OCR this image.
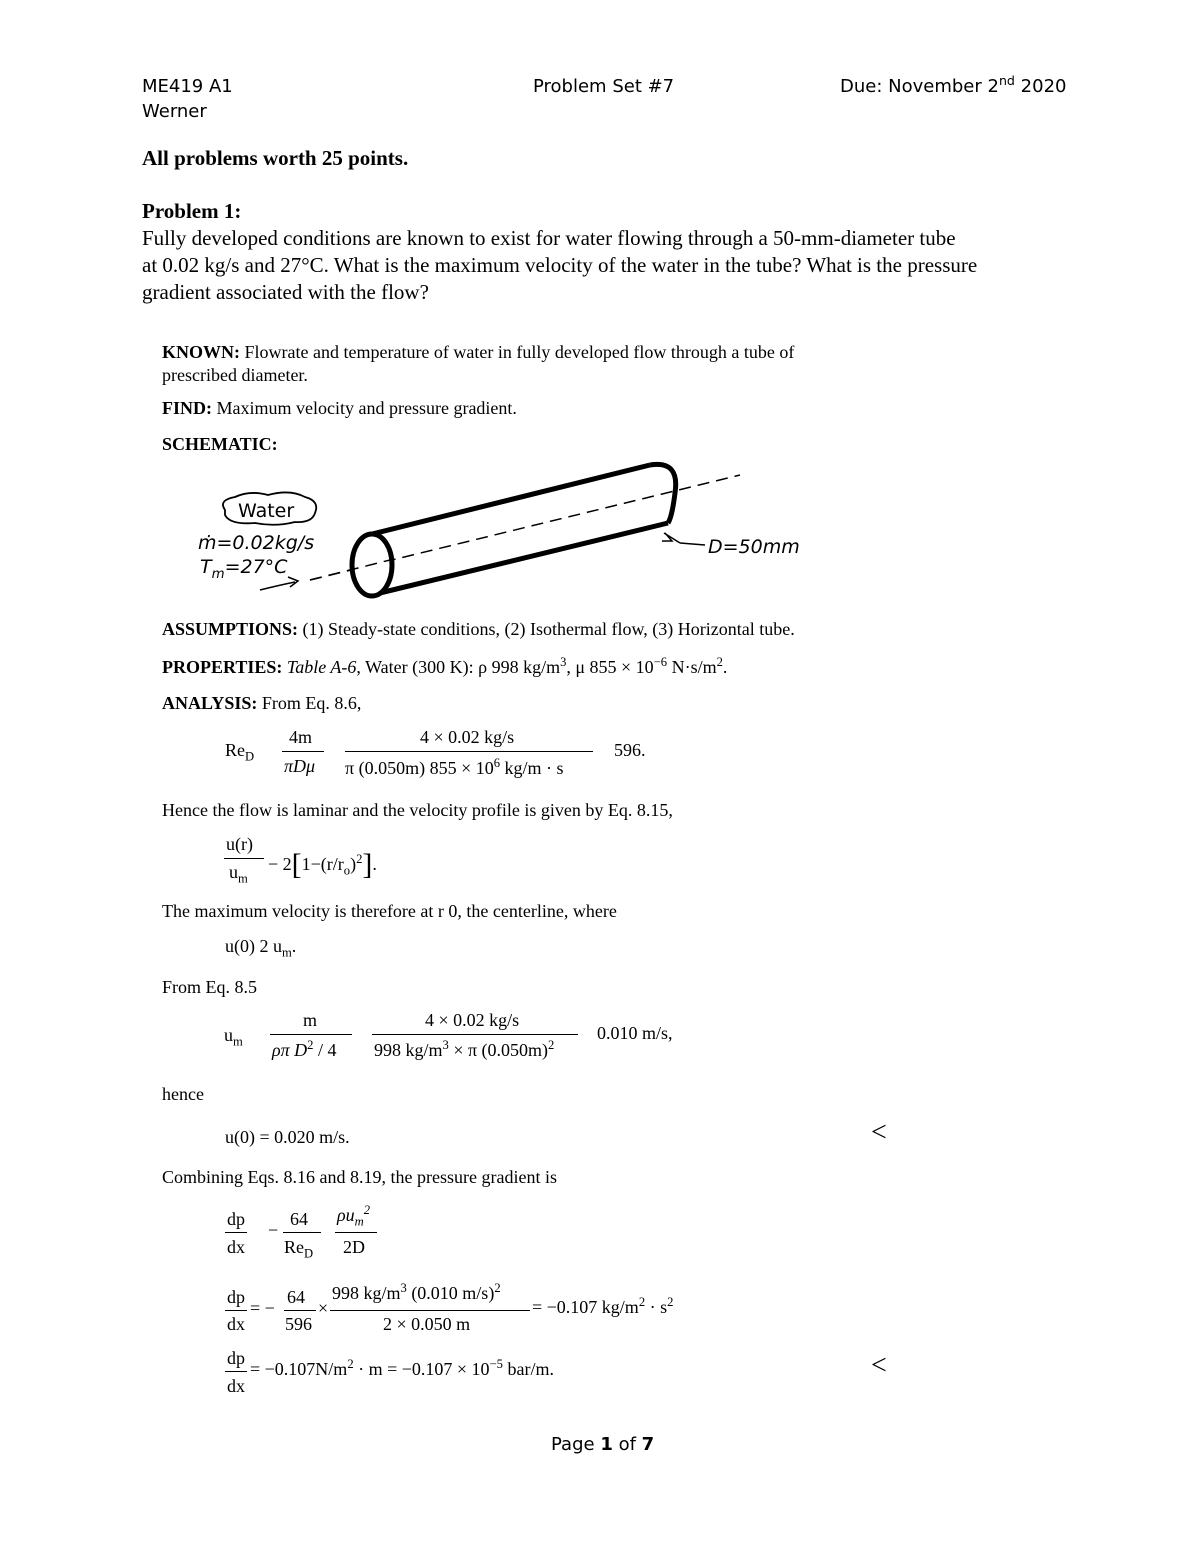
ME419 A1
Werner
Problem Set #7	Due: November 2nd 2020
All problems worth 25 points.
Problem 1:
Fully developed conditions are known to exist for water flowing through a 50-mm-diameter tube
at 0.02 kg/s and 27°C. What is the maximum velocity of the water in the tube? What is the pressure
gradient associated with the flow?
KNOWN: Flowrate and temperature of water in fully developed flow through a tube of
prescribed diameter.
FIND: Maximum velocity and pressure gradient.
SCHEMATIC:
Water
ṁ=0.02kg/s
$T_m=27^\circ C$
D=50mm
ASSUMPTIONS: (1) Steady-state conditions, (2) Isothermal flow, (3) Horizontal tube.
PROPERTIES: Table A-6, Water (300 K): ρ 998 $kg/m^3$, μ $855 \times 10^{-6}$ $N\cdot s/m^2$.
ANALYSIS: From Eq. 8.6,
$Re_D$
4m
πDμ
4 × 0.02 kg/s
π (0.050m) $855 \times 10^6$ kg/m · s
596.
Hence the flow is laminar and the velocity profile is given by Eq. 8.15,
u(r)
$u_m$
− $2[1-(r/r_o)^2]$.
The maximum velocity is therefore at r 0, the centerline, where
u(0) 2 $u_m$.
From Eq. 8.5
$u_m$
m
ρπ $D^2 / 4$
4 × 0.02 kg/s
998 $kg/m^3 \times \pi$ $(0.050m)^2$
0.010 m/s,
hence
u(0) = 0.020 m/s.	<
Combining Eqs. 8.16 and 8.19, the pressure gradient is
dp
dx
−
64
$Re_D$
$\rho u_m^2$
2D
dp
dx
= −
64
596
×
998 $kg/m^3$ (0.010 m/s)$^2$
2 × 0.050 m
= −0.107 $kg/m^2 \cdot s^2$
dp
dx
= $-0.107N/m^2 \cdot m = -0.107 \times 10^{-5}$ bar/m.	<
Page 1 of 7
